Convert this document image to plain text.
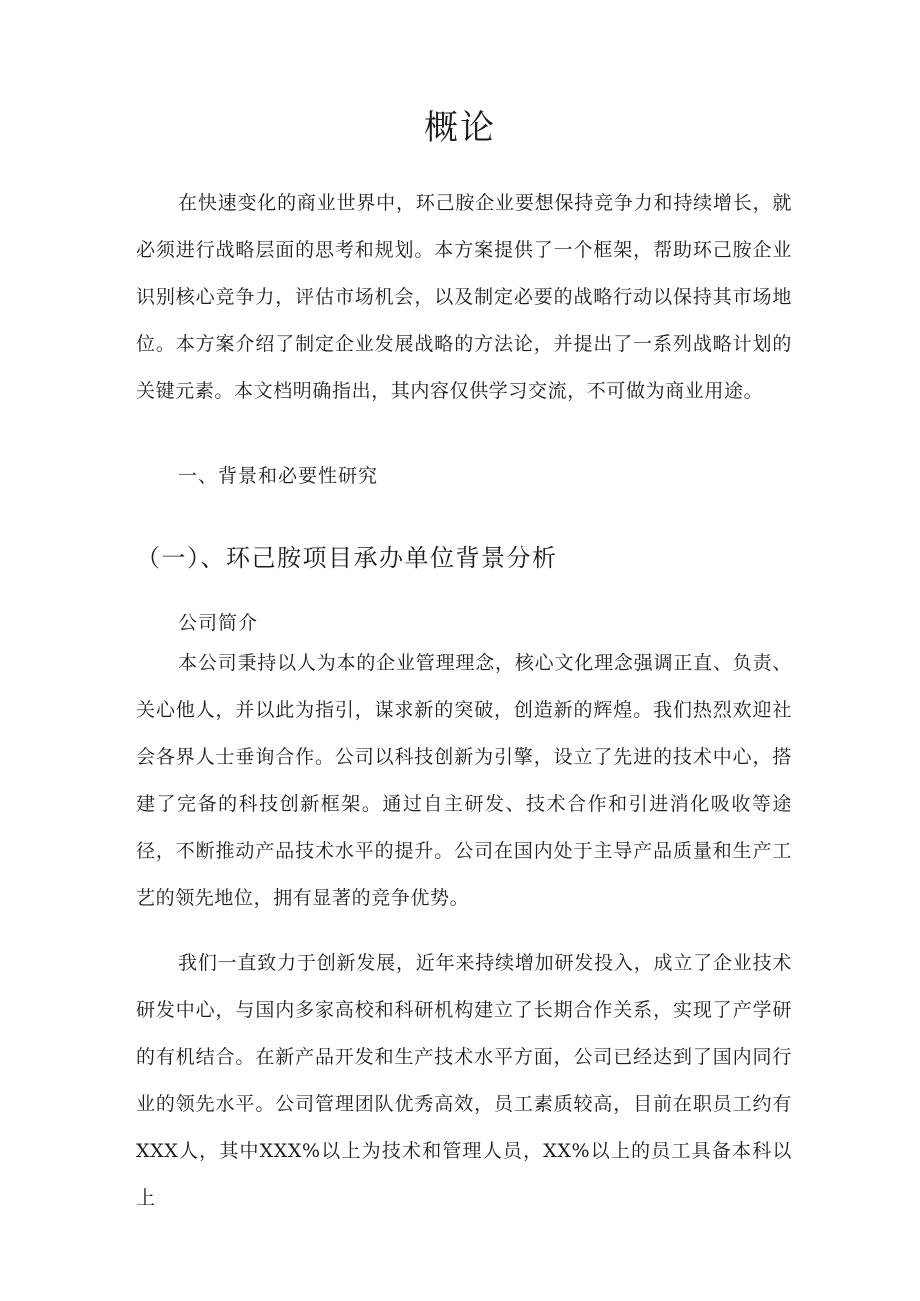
概论

在快速变化的商业世界中，环己胺企业要想保持竞争力和持续增长，就必须进行战略层面的思考和规划。本方案提供了一个框架，帮助环己胺企业识别核心竞争力，评估市场机会，以及制定必要的战略行动以保持其市场地位。本方案介绍了制定企业发展战略的方法论，并提出了一系列战略计划的关键元素。本文档明确指出，其内容仅供学习交流，不可做为商业用途。

一、背景和必要性研究
（一）、环己胺项目承办单位背景分析
公司简介

本公司秉持以人为本的企业管理理念，核心文化理念强调正直、负责、关心他人，并以此为指引，谋求新的突破，创造新的辉煌。我们热烈欢迎社会各界人士垂询合作。公司以科技创新为引擎，设立了先进的技术中心，搭建了完备的科技创新框架。通过自主研发、技术合作和引进消化吸收等途径，不断推动产品技术水平的提升。公司在国内处于主导产品质量和生产工艺的领先地位，拥有显著的竞争优势。

我们一直致力于创新发展，近年来持续增加研发投入，成立了企业技术研发中心，与国内多家高校和科研机构建立了长期合作关系，实现了产学研的有机结合。在新产品开发和生产技术水平方面，公司已经达到了国内同行业的领先水平。公司管理团队优秀高效，员工素质较高，目前在职员工约有XXX人，其中XXX%以上为技术和管理人员，XX%以上的员工具备本科以上
